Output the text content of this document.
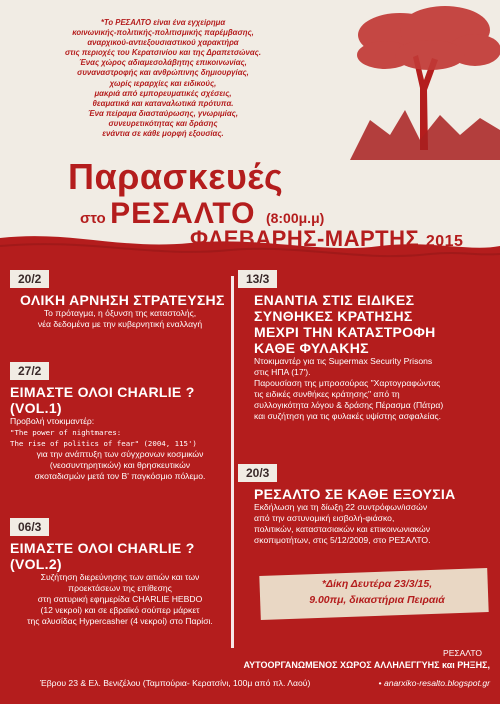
*Το ΡΕΣΑΛΤΟ είναι ένα εγχείρημα
κοινωνικής-πολιτικής-πολιτισμικής παρέμβασης,
αναρχικού-αντιεξουσιαστικού χαρακτήρα
στις περιοχές του Κερατσινίου και της Δραπετσώνας.
Ένας χώρος αδιαμεσολάβητης επικοινωνίας,
συναναστροφής και ανθρώπινης δημιουργίας,
χωρίς ιεραρχίες και ειδικούς,
μακριά από εμπορευματικές σχέσεις,
θεαματικά και καταναλωτικά πρότυπα.
Ένα πείραμα διασταύρωσης, γνωριμίας,
συνευρετικότητας και δράσης
ενάντια σε κάθε μορφή εξουσίας.
Παρασκευές
στο ΡΕΣΑΛΤΟ (8:00μ.μ)
ΦΛΕΒΑΡΗΣ-ΜΑΡΤΗΣ 2015
20/2
ΟΛΙΚΗ ΑΡΝΗΣΗ ΣΤΡΑΤΕΥΣΗΣ
Το πρόταγμα, η όξυνση της καταστολής,
νέα δεδομένα με την κυβερνητική εναλλαγή
27/2
ΕΙΜΑΣΤΕ ΟΛΟΙ CHARLIE ?
(VOL.1)
Προβολή ντοκιμαντέρ:
"The power of nightmares:
The rise of politics of fear" (2004, 115')
για την ανάπτυξη των σύγχρονων κοσμικών
(νεοσυντηρητικών) και θρησκευτικών
σκοταδισμών μετά τον Β' παγκόσμιο πόλεμο.
06/3
ΕΙΜΑΣΤΕ ΟΛΟΙ CHARLIE ?
(VOL.2)
Συζήτηση διερεύνησης των αιτιών και των
προεκτάσεων της επίθεσης
στη σατυρική εφημερίδα CHARLIE HEBDO
(12 νεκροί) και σε εβραϊκό σούπερ μάρκετ
της αλυσίδας Hypercasher (4 νεκροί) στο Παρίσι.
13/3
ΕΝΑΝΤΙΑ ΣΤΙΣ ΕΙΔΙΚΕΣ
ΣΥΝΘΗΚΕΣ ΚΡΑΤΗΣΗΣ
ΜΕΧΡΙ ΤΗΝ ΚΑΤΑΣΤΡΟΦΗ
ΚΑΘΕ ΦΥΛΑΚΗΣ
Ντοκιμαντέρ για τις Supermax Security Prisons
στις ΗΠΑ (17').
Παρουσίαση της μπροσούρας "Χαρτογραφώντας
τις ειδικές συνθήκες κράτησης" από τη
συλλογικότητα λόγου & δράσης Πέρασμα (Πάτρα)
και συζήτηση για τις φυλακές υψίστης ασφαλείας.
20/3
ΡΕΣΑΛΤΟ ΣΕ ΚΑΘΕ ΕΞΟΥΣΙΑ
Εκδήλωση για τη δίωξη 22 συντρόφων/ισσών
από την αστυνομική εισβολή-φιάσκο,
πολιτικών, καταστασιακών και επικοινωνιακών
σκοπιμοτήτων, στις 5/12/2009, στο ΡΕΣΑΛΤΟ.
*Δίκη Δευτέρα 23/3/15,
9.00πμ, δικαστήρια Πειραιά
ΡΕΣΑΛΤΟ
ΑΥΤΟΟΡΓΑΝΩΜΕΝΟΣ ΧΩΡΟΣ ΑΛΛΗΛΕΓΓΥΗΣ και ΡΗΞΗΣ,
Έβρου 23 & Ελ. Βενιζέλου (Ταμπούρια- Κερατσίνι, 100μ από πλ. Λαού)	• anarxiko-resalto.blogspot.gr
